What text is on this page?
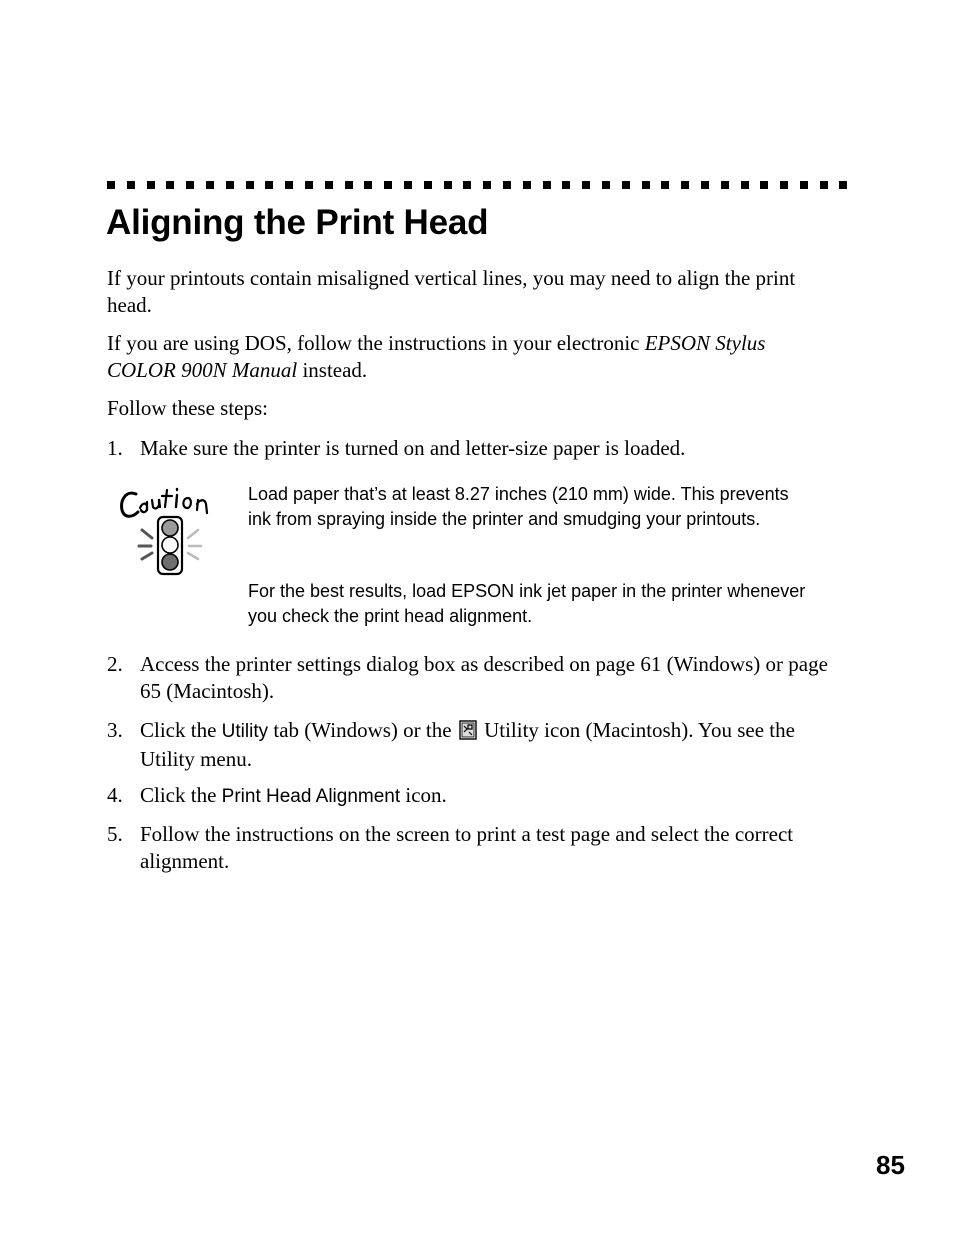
Aligning the Print Head

If your printouts contain misaligned vertical lines, you may need to align the print head.

If you are using DOS, follow the instructions in your electronic EPSON Stylus COLOR 900N Manual instead.

Follow these steps:

1. Make sure the printer is turned on and letter-size paper is loaded.

Load paper that’s at least 8.27 inches (210 mm) wide. This prevents ink from spraying inside the printer and smudging your printouts.

For the best results, load EPSON ink jet paper in the printer whenever you check the print head alignment.

2. Access the printer settings dialog box as described on page 61 (Windows) or page 65 (Macintosh).
3. Click the Utility tab (Windows) or the  Utility icon (Macintosh). You see the Utility menu.
4. Click the Print Head Alignment icon.
5. Follow the instructions on the screen to print a test page and select the correct alignment.
85
